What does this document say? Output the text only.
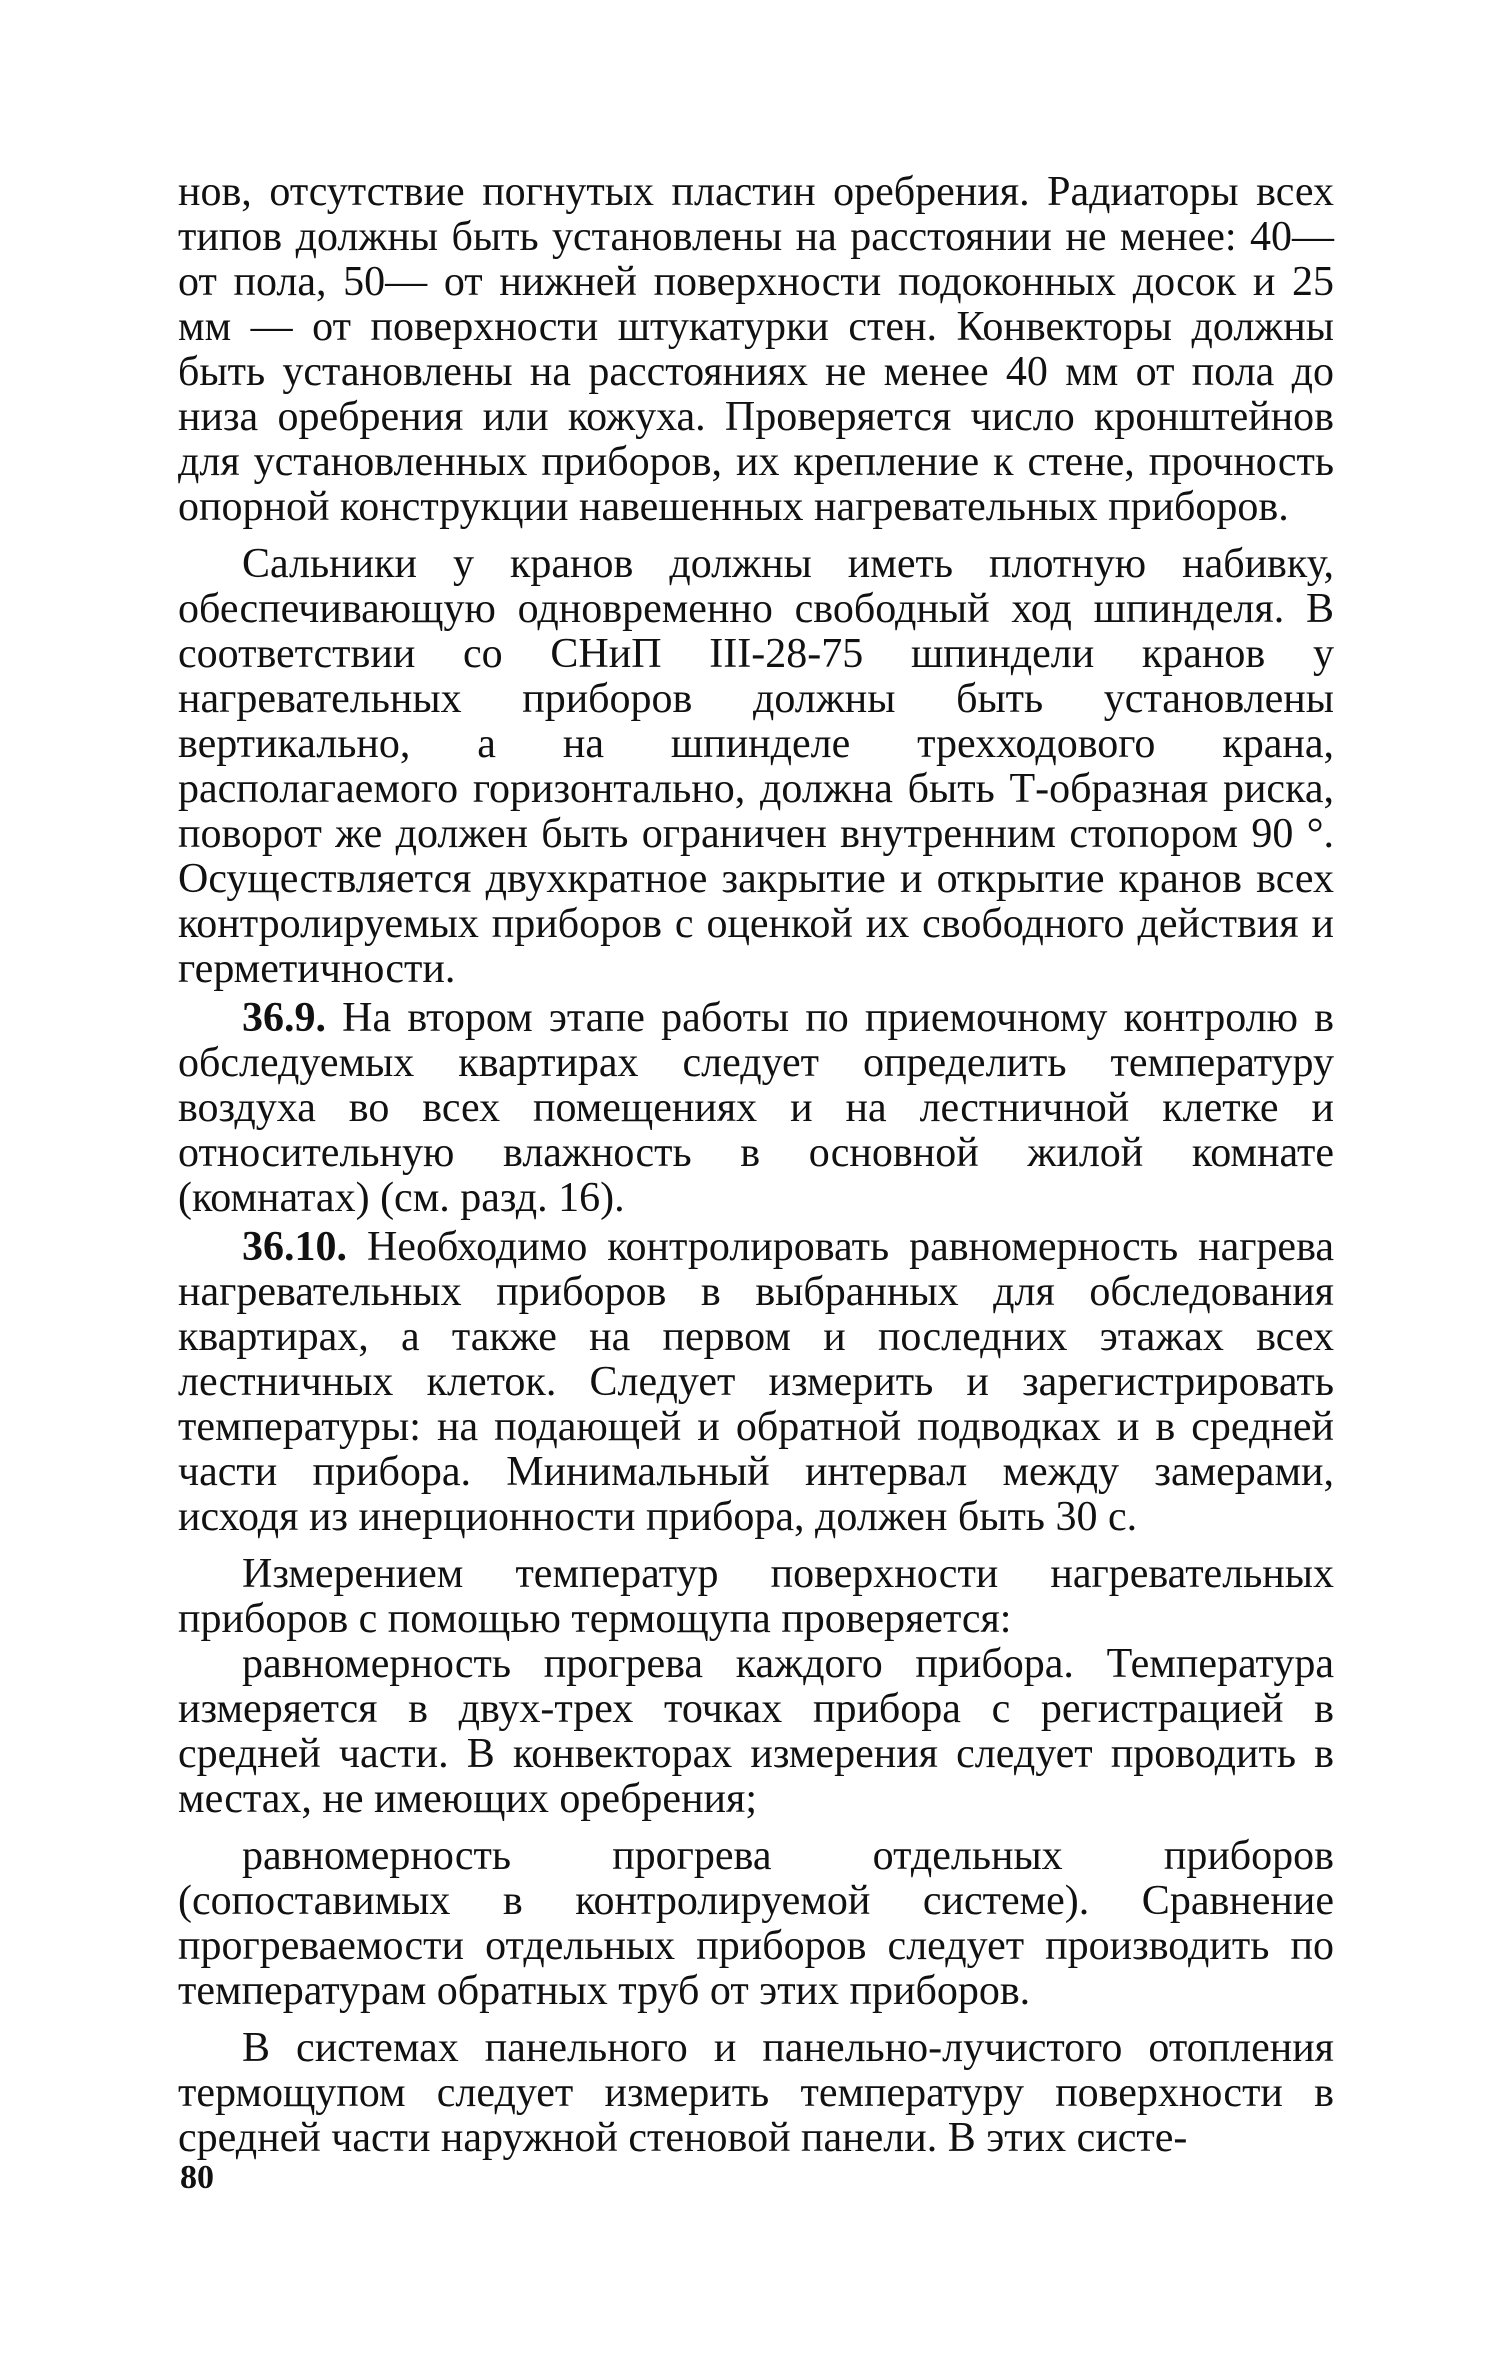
нов, отсутствие погнутых пластин оребрения. Радиаторы всех типов должны быть установлены на расстоянии не менее: 40— от пола, 50— от нижней поверхности подоконных досок и 25 мм — от поверхности штукатурки стен. Конвекторы должны быть установлены на расстояниях не менее 40 мм от пола до низа оребрения или кожуха. Проверяется число кронштейнов для установленных приборов, их крепление к стене, прочность опорной конструкции навешенных нагревательных приборов.

Сальники у кранов должны иметь плотную набивку, обеспечивающую одновременно свободный ход шпинделя. В соответствии со СНиП III-28-75 шпиндели кранов у нагревательных приборов должны быть установлены вертикально, а на шпинделе трехходового крана, располагаемого горизонтально, должна быть Т-образная риска, поворот же должен быть ограничен внутренним стопором 90 °. Осуществляется двухкратное закрытие и открытие кранов всех контролируемых приборов с оценкой их свободного действия и герметичности.

36.9. На втором этапе работы по приемочному контролю в обследуемых квартирах следует определить температуру воздуха во всех помещениях и на лестничной клетке и относительную влажность в основной жилой комнате (комнатах) (см. разд. 16).

36.10. Необходимо контролировать равномерность нагрева нагревательных приборов в выбранных для обследования квартирах, а также на первом и последних этажах всех лестничных клеток. Следует измерить и зарегистрировать температуры: на подающей и обратной подводках и в средней части прибора. Минимальный интервал между замерами, исходя из инерционности прибора, должен быть 30 с.

Измерением температур поверхности нагревательных приборов с помощью термощупа проверяется:

равномерность прогрева каждого прибора. Температура измеряется в двух-трех точках прибора с регистрацией в средней части. В конвекторах измерения следует проводить в местах, не имеющих оребрения;

равномерность прогрева отдельных приборов (сопоставимых в контролируемой системе). Сравнение прогреваемости отдельных приборов следует производить по температурам обратных труб от этих приборов.

В системах панельного и панельно-лучистого отопления термощупом следует измерить температуру поверхности в средней части наружной стеновой панели. В этих систе-

80
